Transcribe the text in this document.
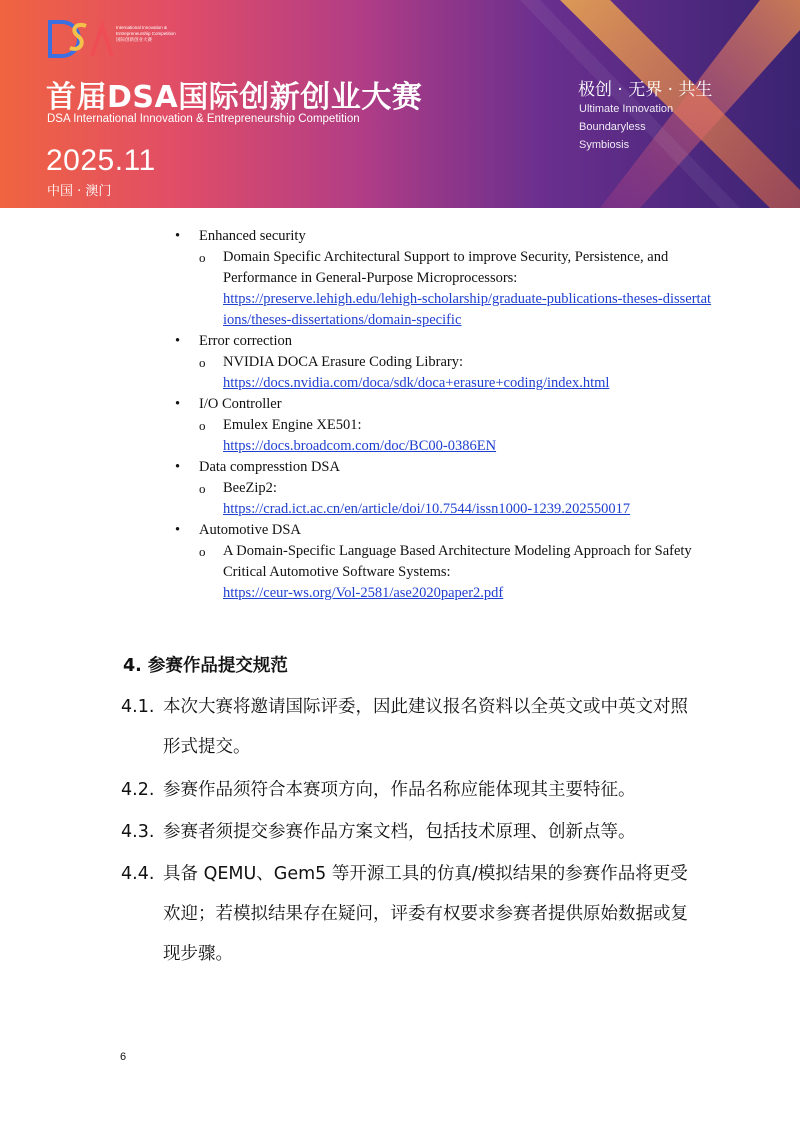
International Innovation & Entrepreneurship Competition
国际创新创业大赛
首届DSA国际创新创业大赛
DSA International Innovation & Entrepreneurship Competition
2025.11
中国 · 澳门
极创 · 无界 · 共生
Ultimate Innovation
Boundaryless
Symbiosis
• Enhanced security
o Domain Specific Architectural Support to improve Security, Persistence, and Performance in General-Purpose Microprocessors:
https://preserve.lehigh.edu/lehigh-scholarship/graduate-publications-theses-dissertations/theses-dissertations/domain-specific
• Error correction
o NVIDIA DOCA Erasure Coding Library:
https://docs.nvidia.com/doca/sdk/doca+erasure+coding/index.html
• I/O Controller
o Emulex Engine XE501:
https://docs.broadcom.com/doc/BC00-0386EN
• Data compresstion DSA
o BeeZip2:
https://crad.ict.ac.cn/en/article/doi/10.7544/issn1000-1239.202550017
• Automotive DSA
o A Domain-Specific Language Based Architecture Modeling Approach for Safety Critical Automotive Software Systems:
https://ceur-ws.org/Vol-2581/ase2020paper2.pdf
4. 参赛作品提交规范
4.1. 本次大赛将邀请国际评委，因此建议报名资料以全英文或中英文对照形式提交。
4.2. 参赛作品须符合本赛项方向，作品名称应能体现其主要特征。
4.3. 参赛者须提交参赛作品方案文档，包括技术原理、创新点等。
4.4. 具备 QEMU、Gem5 等开源工具的仿真/模拟结果的参赛作品将更受欢迎；若模拟结果存在疑问，评委有权要求参赛者提供原始数据或复现步骤。
6
